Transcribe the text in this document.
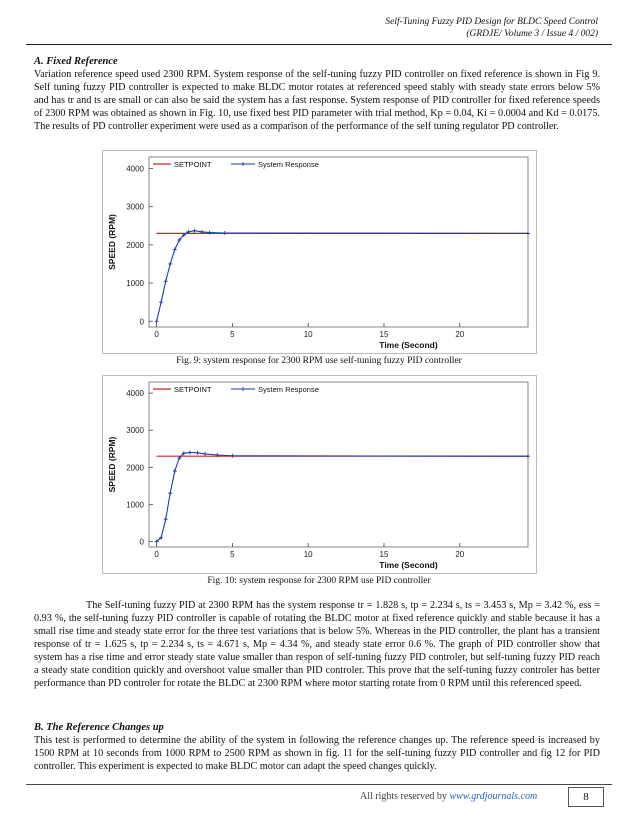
Self-Tuning Fuzzy PID Design for BLDC Speed Control
(GRDJE/ Volume 3 / Issue 4 / 002)
A. Fixed Reference
Variation reference speed used 2300 RPM. System response of the self-tuning fuzzy PID controller on fixed reference is shown in Fig 9. Self tuning fuzzy PID controller is expected to make BLDC motor rotates at referenced speed stably with steady state errors below 5% and has tr and ts are small or can also be said the system has a fast response. System response of PID controller for fixed reference speeds of 2300 RPM was obtained as shown in Fig. 10, use fixed best PID parameter with trial method, Kp = 0.04, Ki = 0.0004 and Kd = 0.0175. The results of PD controller experiment were used as a comparison of the performance of the self tuning regulator PD controller.
0
1000
2000
3000
4000
0	5	10	15	20
Time (Second)
SPEED (RPM)
SETPOINT	System Response
Fig. 9: system response for 2300 RPM use self-tuning fuzzy PID controller
0
1000
2000
3000
4000
0	5	10	15	20
Time (Second)
SPEED (RPM)
SETPOINT	System Response
Fig. 10: system response for 2300 RPM use PID controller
The Self-tuning fuzzy PID at 2300 RPM has the system response tr = 1.828 s, tp = 2.234 s, ts = 3.453 s, Mp = 3.42 %, ess = 0.93 %, the self-tuning fuzzy PID controller is capable of rotating the BLDC motor at fixed reference quickly and stable because it has a small rise time and steady state error for the three test variations that is below 5%. Whereas in the PID controller, the plant has a transient response of tr = 1.625 s, tp = 2.234 s, ts = 4.671 s, Mp = 4.34 %, and steady state error 0.6 %. The graph of PID controller show that system has a rise time and error steady state value smaller than respon of self-tuning fuzzy PID controler, but self-tuning fuzzy PID reach a steady state condition quickly and overshoot value smaller than PID controler. This prove that the self-tuning fuzzy controler has better performance than PD controler for rotate the BLDC at 2300 RPM where motor starting rotate from 0 RPM until this referenced speed.
B. The Reference Changes up
This test is performed to determine the ability of the system in following the reference changes up. The reference speed is increased by 1500 RPM at 10 seconds from 1000 RPM to 2500 RPM as shown in fig. 11 for the self-tuning fuzzy PID controller and fig 12 for PID controller. This experiment is expected to make BLDC motor can adapt the speed changes quickly.
All rights reserved by www.grdjournals.com	8
